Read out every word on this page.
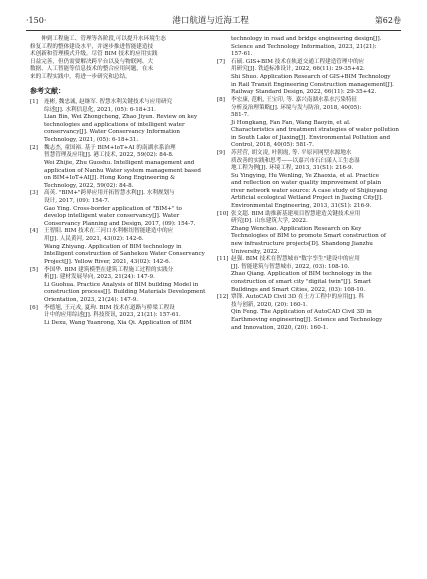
·150·	港口航道与近海工程	第62卷
伸到工程施工、管理等各阶段,可以提升水环境生态
修复工程的整体建设水平，并逐步推进智能建造技
术创新和管理模式升级。尽管 BIM 技术的应用实践
日益完善，但仍需要解决跨平台以及与物联网、大
数据、人工智能等信息技术的整合应用问题，在未
来的工程实践中，将进一步研究和总结。
参考文献：
[1]	连彬, 魏忠诚, 赵继军. 智慧水利关键技术与应用研究
综述[J]. 水利信息化, 2021, (05): 6-18+31.
Lian Bin, Wei Zhongcheng, Zhao Jiyun. Review on key
technologies and applications of intelligent water
conservancy[J]. Water Conservancy Information
Technology, 2021, (05): 6-18+31.
[2]	魏志杰, 童国裕. 基于 BIM+IoT+AI 的南湖水系治理
智慧管理及应用[J]. 港工技术, 2022, 59(02): 84-8.
Wei Zhijie, Zhu Guoshu. Intelligent management and
application of Nanhu Water system management based
on BIM+IoT+AI[J]. Hong Kong Engineering &
Technology, 2022, 59(02): 84-8.
[3]	高英. "BIM+"跨界应用开拓智慧水利[J]. 水利规划与
设计, 2017, (09): 154-7.
Gao Ying. Cross-border application of "BIM+" to
develop intelligent water conservancy[J]. Water
Conservancy Planning and Design, 2017, (09): 154-7.
[4]	王智阳. BIM 技术在三河口水利枢纽智能建造中的应
用[J]. 人民黄河, 2021, 43(02): 142-6.
Wang Zhiyang. Application of BIM technology in
Intelligent construction of Sanhekou Water Conservancy
Project[J]. Yellow River, 2021, 43(02): 142-6.
[5]	李国华. BIM 建筑模型在建筑工程施工过程的实践分
析[J]. 建材发展导向, 2023, 21(24): 147-9.
Li Guohua. Practice Analysis of BIM building Model in
construction process[J]. Building Materials Development
Orientation, 2023, 21(24): 147-9.
[6]	李德旭, 王元戎, 夏珣. BIM 技术在道路与桥梁工程设
计中的应用综述[J]. 科技资讯, 2023, 21(21): 157-61.
Li Dexu, Wang Yuanrong, Xia Qi. Application of BIM
technology in road and bridge engineering design[J].
Science and Technology Information, 2023, 21(21):
157-61.
[7]	石硕. GIS+BIM 技术在轨道交通工程建造管理中的应
用研究[J]. 铁道标准设计, 2022, 66(11): 29-35+42.
Shi Shuo. Application Research of GIS+BIM Technology
in Rail Transit Engineering Construction management[J].
Railway Standard Design, 2022, 66(11): 29-35+42.
[8]	李宏康, 范帆, 王宝印, 等. 嘉兴南湖水系水污染特征
分析及治理策略[J]. 环境与发与防治, 2018, 40(05):
581-7.
Ji Hongkang, Fan Fan, Wang Baoyin, et al.
Characteristics and treatment strategies of water pollution
in South Lake of Jiaxing[J]. Environmental Pollution and
Control, 2018, 40(05): 581-7.
[9]	苏营营, 胡文凌, 叶朝霞, 等. 平原河网型水源地水
质改善的实践和思考——以嘉兴市石臼漾人工生态湿
地工程为例[J]. 环境工程, 2013, 31(S1): 216-9.
Su Yingying, Hu Wenling, Ye Zhaoxia, et al. Practice
and reflection on water quality improvement of plain
river network water source: A case study of Shijiuyang
Artificial ecological Wetland Project in Jiaxing City[J].
Environmental Engineering, 2013, 31(S1): 216-9.
[10] 张文超. BIM 助推新基建项目智慧建造关键技术应用
研究[D]. 山东建筑大学, 2022.
Zhang Wenchao. Application Research on Key
Technologies of BIM to promote Smart construction of
new infrastructure projects[D]. Shandong Jianzhu
University, 2022.
[11] 赵强. BIM 技术在智慧城市"数字孪生"建设中的应用
[J]. 智能建筑与智慧城市, 2022, (03): 108-10.
Zhao Qiang. Application of BIM technology in the
construction of smart city "digital twin"[J]. Smart
Buildings and Smart Cities, 2022, (03): 108-10.
[12] 覃锋. AutoCAD Civil 3D 在土方工程中的应用[J]. 科
技与创新, 2020, (20): 160-1.
Qin Feng. The Application of AutoCAD Civil 3D in
Earthmoving engineering[J]. Science and Technology
and Innovation, 2020, (20): 160-1.
